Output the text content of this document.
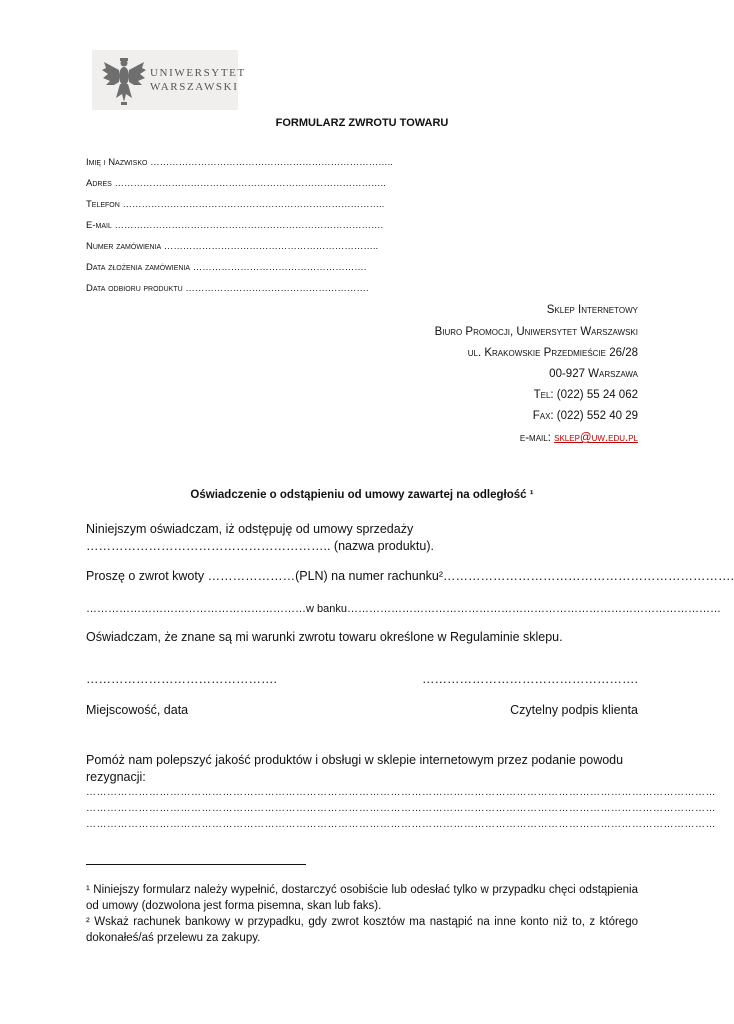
UNIWERSYTET
WARSZAWSKI
FORMULARZ ZWROTU TOWARU
Imię i Nazwisko …………………………………………………………………..
Adres …………………………………………………………………………..
Telefon ………………………………………………………………………..
E-mail ………………………………………………………………………….
Numer zamówienia …………………………………………………………..
Data złożenia zamówienia ……………………………………………….
Data odbioru produktu ………………………………………………….
Sklep Internetowy
Biuro Promocji, Uniwersytet Warszawski
ul. Krakowskie Przedmieście 26/28
00-927 Warszawa
Tel: (022) 55 24 062
Fax: (022) 552 40 29
e-mail: sklep@uw.edu.pl
Oświadczenie o odstąpieniu od umowy zawartej na odległość ¹
Niniejszym oświadczam, iż odstępuję od umowy sprzedaży ………………………………………………….. (nazwa produktu).
Proszę o zwrot kwoty …………………(PLN) na numer rachunku²…………………………………………………………….
……………………………………………………w banku…………………………………………………………………………………………
Oświadczam, że znane są mi warunki zwrotu towaru określone w Regulaminie sklepu.
……………………………………….	…………………………………………….
Miejscowość, data	Czytelny podpis klienta
Pomóż nam polepszyć jakość produktów i obsługi w sklepie internetowym przez podanie powodu rezygnacji:
………………………………………………………………………………………………………………………………………………………………
………………………………………………………………………………………………………………………………………………………………
………………………………………………………………………………………………………………………………………………………………

¹ Niniejszy formularz należy wypełnić, dostarczyć osobiście lub odesłać tylko w przypadku chęci odstąpienia od umowy (dozwolona jest forma pisemna, skan lub faks).

² Wskaż rachunek bankowy w przypadku, gdy zwrot kosztów ma nastąpić na inne konto niż to, z którego dokonałeś/aś przelewu za zakupy.
